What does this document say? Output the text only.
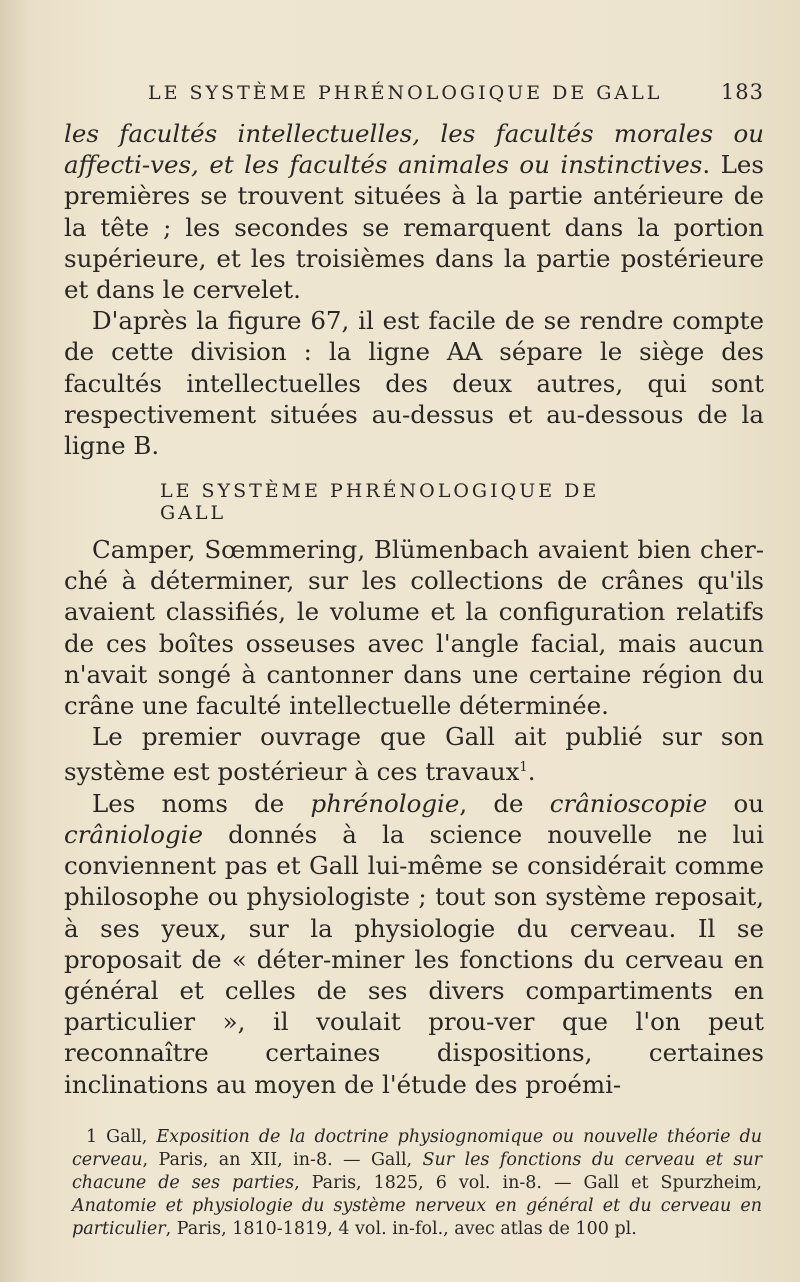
LE SYSTÈME PHRÉNOLOGIQUE DE GALL	183

les facultés intellectuelles, les facultés morales ou affecti-ves, et les facultés animales ou instinctives. Les premières se trouvent situées à la partie antérieure de la tête ; les secondes se remarquent dans la portion supérieure, et les troisièmes dans la partie postérieure et dans le cervelet.

D'après la figure 67, il est facile de se rendre compte de cette division : la ligne AA sépare le siège des facultés intellectuelles des deux autres, qui sont respectivement situées au-dessus et au-dessous de la ligne B.

LE SYSTÈME PHRÉNOLOGIQUE DE GALL

Camper, Sœmmering, Blümenbach avaient bien cher-ché à déterminer, sur les collections de crânes qu'ils avaient classifiés, le volume et la configuration relatifs de ces boîtes osseuses avec l'angle facial, mais aucun n'avait songé à cantonner dans une certaine région du crâne une faculté intellectuelle déterminée.

Le premier ouvrage que Gall ait publié sur son système est postérieur à ces travaux$^1$.

Les noms de phrénologie, de crânioscopie ou crâniologie donnés à la science nouvelle ne lui conviennent pas et Gall lui-même se considérait comme philosophe ou physiologiste ; tout son système reposait, à ses yeux, sur la physiologie du cerveau. Il se proposait de « déter-miner les fonctions du cerveau en général et celles de ses divers compartiments en particulier », il voulait prou-ver que l'on peut reconnaître certaines dispositions, certaines inclinations au moyen de l'étude des proémi-

1 Gall, Exposition de la doctrine physiognomique ou nouvelle théorie du cerveau, Paris, an XII, in-8. — Gall, Sur les fonctions du cerveau et sur chacune de ses parties, Paris, 1825, 6 vol. in-8. — Gall et Spurzheim, Anatomie et physiologie du système nerveux en général et du cerveau en particulier, Paris, 1810-1819, 4 vol. in-fol., avec atlas de 100 pl.
